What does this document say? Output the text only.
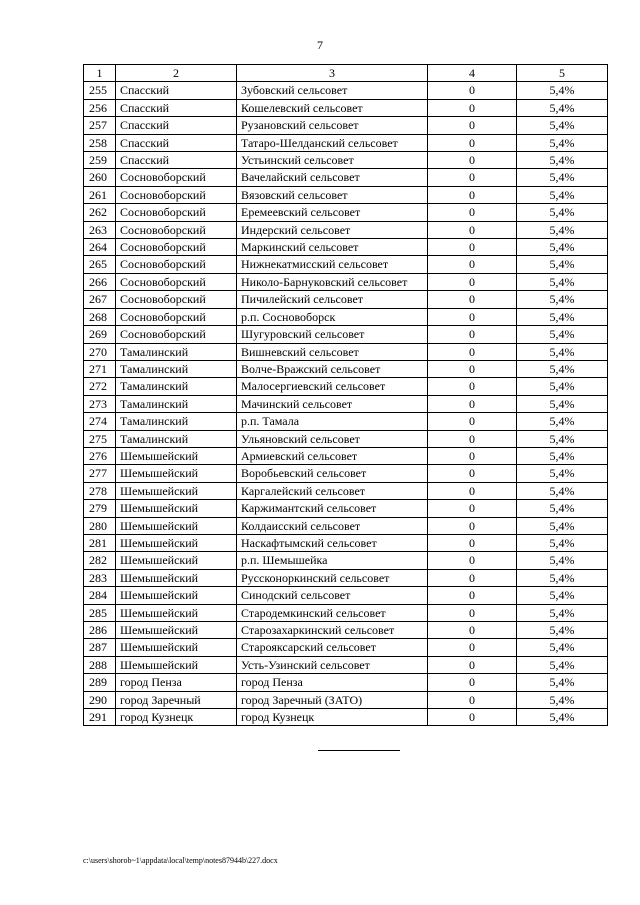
7
1	2	3	4	5
255	Спасский	Зубовский сельсовет	0	5,4%
256	Спасский	Кошелевский сельсовет	0	5,4%
257	Спасский	Рузановский сельсовет	0	5,4%
258	Спасский	Татаро-Шелданский сельсовет	0	5,4%
259	Спасский	Устьинский сельсовет	0	5,4%
260	Сосновоборский	Вачелайский сельсовет	0	5,4%
261	Сосновоборский	Вязовский сельсовет	0	5,4%
262	Сосновоборский	Еремеевский сельсовет	0	5,4%
263	Сосновоборский	Индерский сельсовет	0	5,4%
264	Сосновоборский	Маркинский сельсовет	0	5,4%
265	Сосновоборский	Нижнекатмисский сельсовет	0	5,4%
266	Сосновоборский	Николо-Барнуковский сельсовет	0	5,4%
267	Сосновоборский	Пичилейский сельсовет	0	5,4%
268	Сосновоборский	р.п. Сосновоборск	0	5,4%
269	Сосновоборский	Шугуровский сельсовет	0	5,4%
270	Тамалинский	Вишневский сельсовет	0	5,4%
271	Тамалинский	Волче-Вражский сельсовет	0	5,4%
272	Тамалинский	Малосергиевский сельсовет	0	5,4%
273	Тамалинский	Мачинский сельсовет	0	5,4%
274	Тамалинский	р.п. Тамала	0	5,4%
275	Тамалинский	Ульяновский сельсовет	0	5,4%
276	Шемышейский	Армиевский сельсовет	0	5,4%
277	Шемышейский	Воробьевский сельсовет	0	5,4%
278	Шемышейский	Каргалейский сельсовет	0	5,4%
279	Шемышейский	Каржимантский сельсовет	0	5,4%
280	Шемышейский	Колдаисский сельсовет	0	5,4%
281	Шемышейский	Наскафтымский сельсовет	0	5,4%
282	Шемышейский	р.п. Шемышейка	0	5,4%
283	Шемышейский	Руссконоркинский сельсовет	0	5,4%
284	Шемышейский	Синодский сельсовет	0	5,4%
285	Шемышейский	Стародемкинский сельсовет	0	5,4%
286	Шемышейский	Старозахаркинский сельсовет	0	5,4%
287	Шемышейский	Старояксарский сельсовет	0	5,4%
288	Шемышейский	Усть-Узинский сельсовет	0	5,4%
289	город Пенза	город Пенза	0	5,4%
290	город Заречный	город Заречный (ЗАТО)	0	5,4%
291	город Кузнецк	город Кузнецк	0	5,4%
c:\users\shorob~1\appdata\local\temp\notes87944b\227.docx
